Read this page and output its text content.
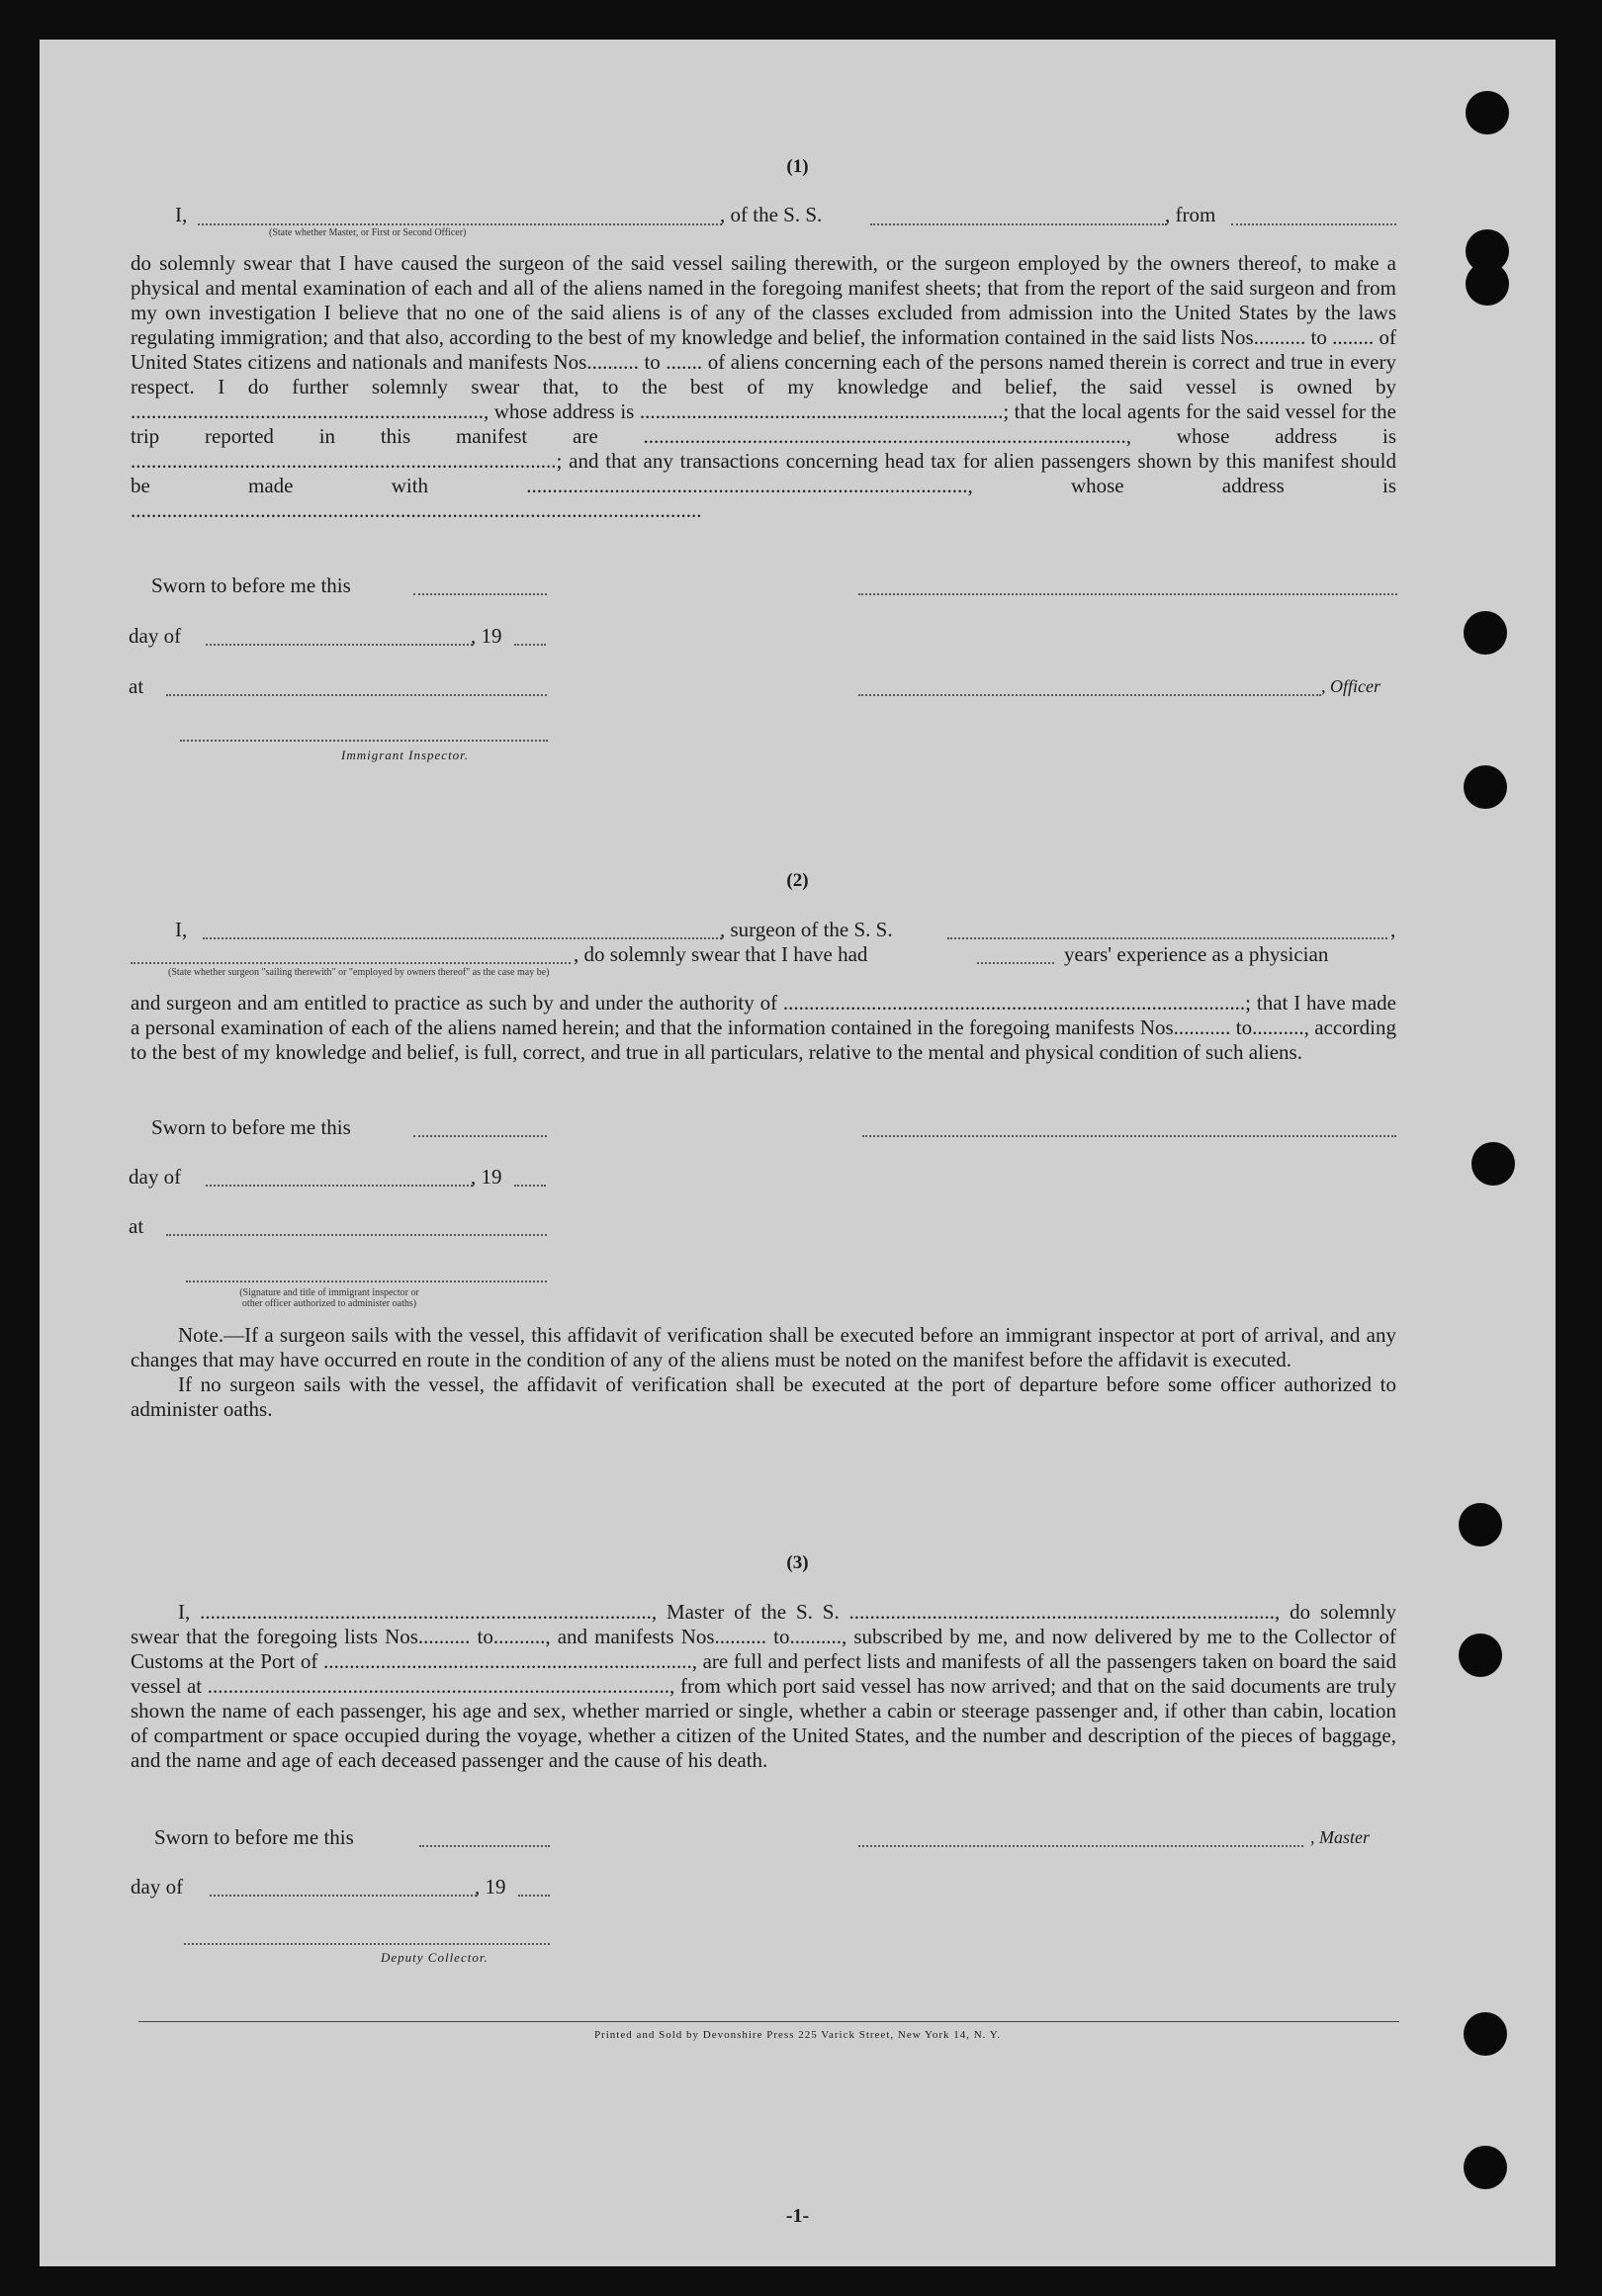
(1)
I,	, of the S. S.	, from
(State whether Master, or First or Second Officer)

do solemnly swear that I have caused the surgeon of the said vessel sailing therewith, or the surgeon employed by the owners thereof, to make a physical and mental examination of each and all of the aliens named in the foregoing manifest sheets; that from the report of the said surgeon and from my own investigation I believe that no one of the said aliens is of any of the classes excluded from admission into the United States by the laws regulating immigration; and that also, according to the best of my knowledge and belief, the information contained in the said lists Nos.......... to ........ of United States citizens and nationals and manifests Nos.......... to ....... of aliens concerning each of the persons named therein is correct and true in every respect. I do further solemnly swear that, to the best of my knowledge and belief, the said vessel is owned by ...................................................................., whose address is ......................................................................; that the local agents for the said vessel for the trip reported in this manifest are ............................................................................................., whose address is ..................................................................................; and that any transactions concerning head tax for alien passengers shown by this manifest should be made with ....................................................................................., whose address is ..............................................................................................................

Sworn to before me this
day of	, 19
at	, Officer
Immigrant Inspector.
(2)
I,	, surgeon of the S. S.	,
, do solemnly swear that I have had	years' experience as a physician
(State whether surgeon "sailing therewith" or "employed by owners thereof" as the case may be)

and surgeon and am entitled to practice as such by and under the authority of .........................................................................................; that I have made a personal examination of each of the aliens named herein; and that the information contained in the foregoing manifests Nos........... to.........., according to the best of my knowledge and belief, is full, correct, and true in all particulars, relative to the mental and physical condition of such aliens.

Sworn to before me this
day of	, 19
at
(Signature and title of immigrant inspector or
other officer authorized to administer oaths)

Note.—If a surgeon sails with the vessel, this affidavit of verification shall be executed before an immigrant inspector at port of arrival, and any changes that may have occurred en route in the condition of any of the aliens must be noted on the manifest before the affidavit is executed.

If no surgeon sails with the vessel, the affidavit of verification shall be executed at the port of departure before some officer authorized to administer oaths.

(3)

I, ......................................................................................., Master of the S. S. .................................................................................., do solemnly swear that the foregoing lists Nos.......... to.........., and manifests Nos.......... to.........., subscribed by me, and now delivered by me to the Collector of Customs at the Port of ......................................................................., are full and perfect lists and manifests of all the passengers taken on board the said vessel at ........................................................................................., from which port said vessel has now arrived; and that on the said documents are truly shown the name of each passenger, his age and sex, whether married or single, whether a cabin or steerage passenger and, if other than cabin, location of compartment or space occupied during the voyage, whether a citizen of the United States, and the number and description of the pieces of baggage, and the name and age of each deceased passenger and the cause of his death.

Sworn to before me this	, Master
day of	, 19
Deputy Collector.
Printed and Sold by Devonshire Press 225 Varick Street, New York 14, N. Y.
-1-
